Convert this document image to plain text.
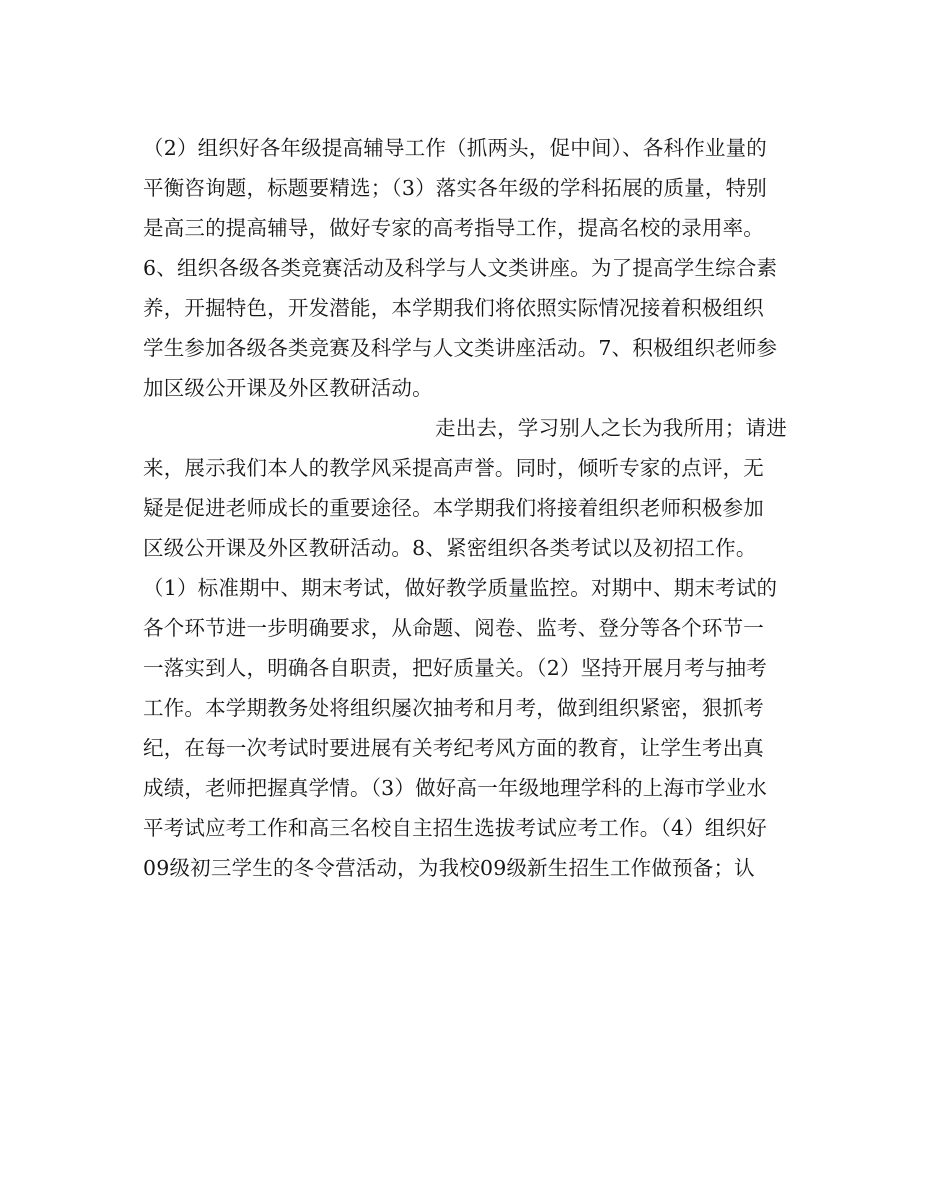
（2）组织好各年级提高辅导工作（抓两头，促中间）、各科作业量的
平衡咨询题，标题要精选；（3）落实各年级的学科拓展的质量，特别
是高三的提高辅导，做好专家的高考指导工作，提高名校的录用率。
6、组织各级各类竞赛活动及科学与人文类讲座。为了提高学生综合素
养，开掘特色，开发潜能，本学期我们将依照实际情况接着积极组织
学生参加各级各类竞赛及科学与人文类讲座活动。7、积极组织老师参
加区级公开课及外区教研活动。
走出去，学习别人之长为我所用；请进
来，展示我们本人的教学风采提高声誉。同时，倾听专家的点评，无
疑是促进老师成长的重要途径。本学期我们将接着组织老师积极参加
区级公开课及外区教研活动。8、紧密组织各类考试以及初招工作。
（1）标准期中、期末考试，做好教学质量监控。对期中、期末考试的
各个环节进一步明确要求，从命题、阅卷、监考、登分等各个环节一
一落实到人，明确各自职责，把好质量关。（2）坚持开展月考与抽考
工作。本学期教务处将组织屡次抽考和月考，做到组织紧密，狠抓考
纪，在每一次考试时要进展有关考纪考风方面的教育，让学生考出真
成绩，老师把握真学情。（3）做好高一年级地理学科的上海市学业水
平考试应考工作和高三名校自主招生选拔考试应考工作。（4）组织好
09级初三学生的冬令营活动，为我校09级新生招生工作做预备；认
